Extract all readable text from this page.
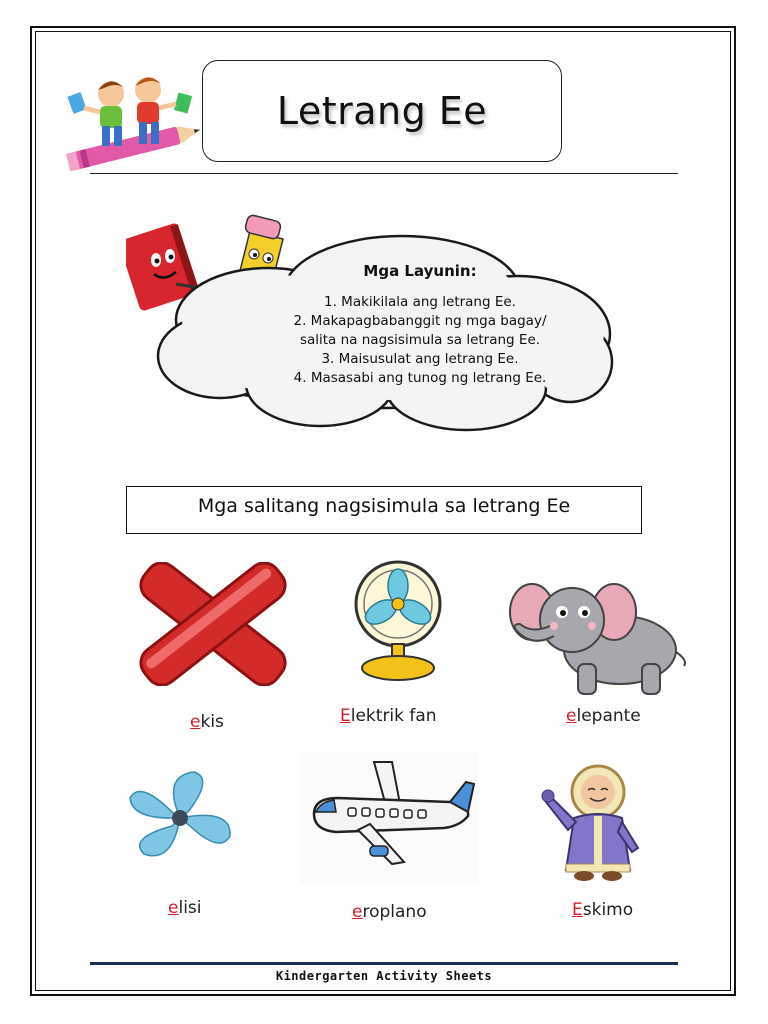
Letrang Ee
Mga Layunin:
1. Makikilala ang letrang Ee.
2. Makapagbabanggit ng mga bagay/
salita na nagsisimula sa letrang Ee.
3. Maisusulat ang letrang Ee.
4. Masasabi ang tunog ng letrang Ee.
Mga salitang nagsisimula sa letrang Ee
ekis	Elektrik fan	elepante
elisi	eroplano	Eskimo
Kindergarten Activity Sheets
